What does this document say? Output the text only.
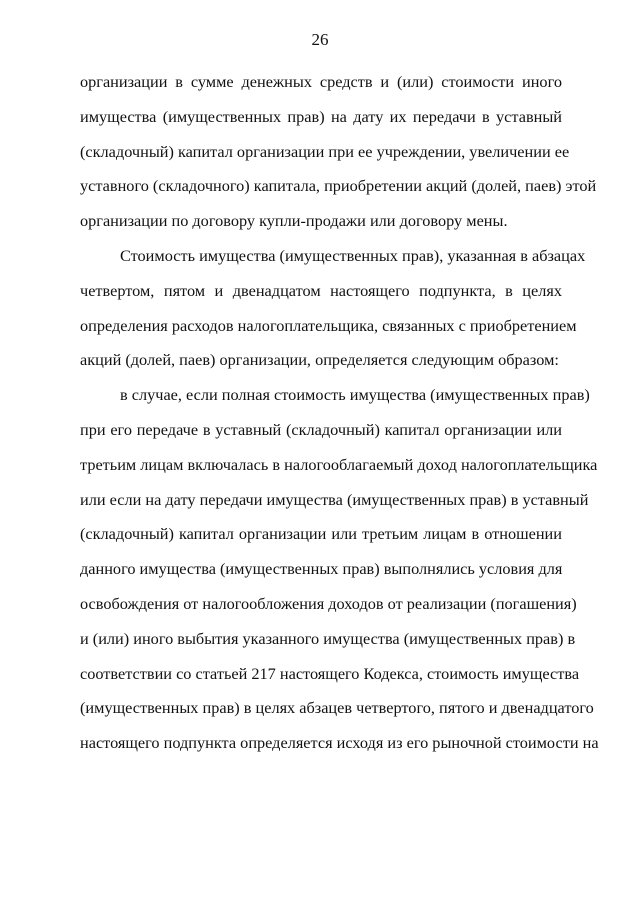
26
организации в сумме денежных средств и (или) стоимости иного
имущества (имущественных прав) на дату их передачи в уставный
(складочный) капитал организации при ее учреждении, увеличении ее
уставного (складочного) капитала, приобретении акций (долей, паев) этой
организации по договору купли-продажи или договору мены.
Стоимость имущества (имущественных прав), указанная в абзацах
четвертом, пятом и двенадцатом настоящего подпункта, в целях
определения расходов налогоплательщика, связанных с приобретением
акций (долей, паев) организации, определяется следующим образом:
в случае, если полная стоимость имущества (имущественных прав)
при его передаче в уставный (складочный) капитал организации или
третьим лицам включалась в налогооблагаемый доход налогоплательщика
или если на дату передачи имущества (имущественных прав) в уставный
(складочный) капитал организации или третьим лицам в отношении
данного имущества (имущественных прав) выполнялись условия для
освобождения от налогообложения доходов от реализации (погашения)
и (или) иного выбытия указанного имущества (имущественных прав) в
соответствии со статьей 217 настоящего Кодекса, стоимость имущества
(имущественных прав) в целях абзацев четвертого, пятого и двенадцатого
настоящего подпункта определяется исходя из его рыночной стоимости на
